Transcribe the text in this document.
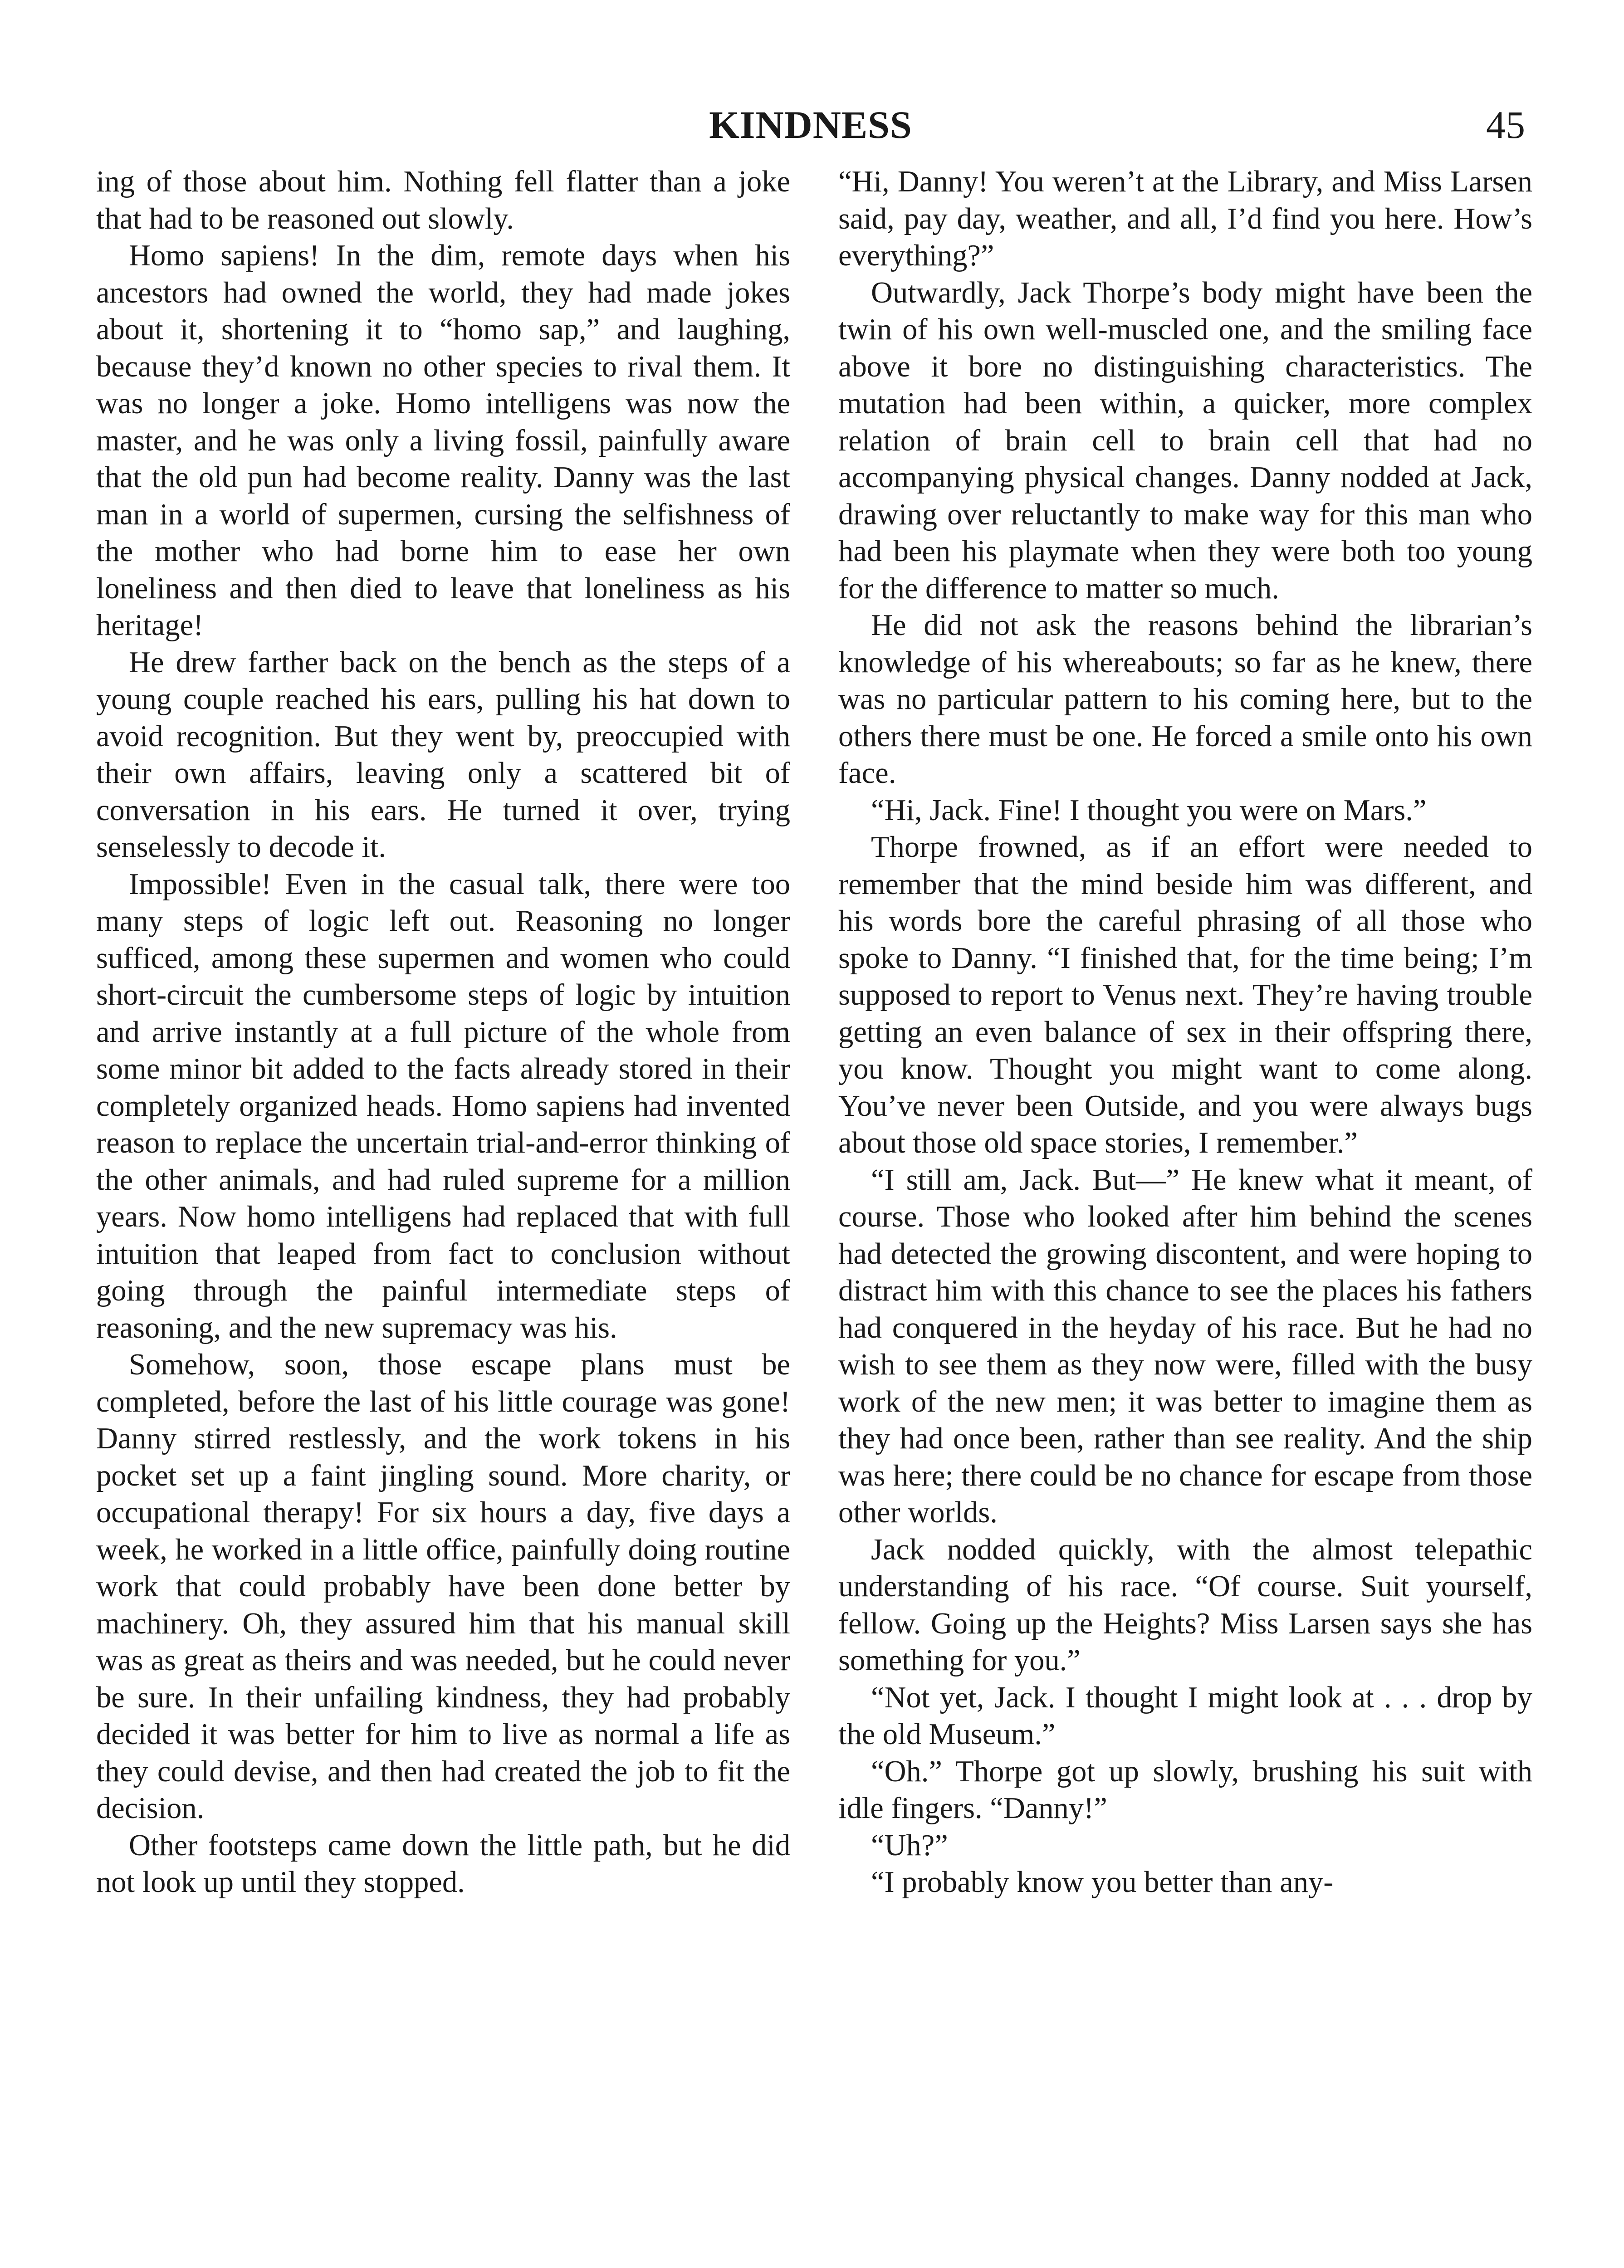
KINDNESS	45

ing of those about him. Nothing fell flatter than a joke that had to be reasoned out slowly.

Homo sapiens! In the dim, remote days when his ancestors had owned the world, they had made jokes about it, shortening it to “homo sap,” and laughing, because they’d known no other species to rival them. It was no longer a joke. Homo intelligens was now the master, and he was only a living fossil, painfully aware that the old pun had become reality. Danny was the last man in a world of supermen, cursing the selfishness of the mother who had borne him to ease her own loneliness and then died to leave that loneliness as his heritage!

He drew farther back on the bench as the steps of a young couple reached his ears, pulling his hat down to avoid recognition. But they went by, preoccupied with their own affairs, leaving only a scattered bit of conversation in his ears. He turned it over, trying senselessly to decode it.

Impossible! Even in the casual talk, there were too many steps of logic left out. Reasoning no longer sufficed, among these supermen and women who could short-circuit the cumbersome steps of logic by intuition and arrive instantly at a full picture of the whole from some minor bit added to the facts already stored in their completely organized heads. Homo sapiens had invented reason to replace the uncertain trial-and-error thinking of the other animals, and had ruled supreme for a million years. Now homo intelligens had replaced that with full intuition that leaped from fact to conclusion without going through the painful intermediate steps of reasoning, and the new supremacy was his.

Somehow, soon, those escape plans must be completed, before the last of his little courage was gone! Danny stirred restlessly, and the work tokens in his pocket set up a faint jingling sound. More charity, or occupational therapy! For six hours a day, five days a week, he worked in a little office, painfully doing routine work that could probably have been done better by machinery. Oh, they assured him that his manual skill was as great as theirs and was needed, but he could never be sure. In their unfailing kindness, they had probably decided it was better for him to live as normal a life as they could devise, and then had created the job to fit the decision.

Other footsteps came down the little path, but he did not look up until they stopped.

“Hi, Danny! You weren’t at the Library, and Miss Larsen said, pay day, weather, and all, I’d find you here. How’s everything?”

Outwardly, Jack Thorpe’s body might have been the twin of his own well-muscled one, and the smiling face above it bore no distinguishing characteristics. The mutation had been within, a quicker, more complex relation of brain cell to brain cell that had no accompanying physical changes. Danny nodded at Jack, drawing over reluctantly to make way for this man who had been his playmate when they were both too young for the difference to matter so much.

He did not ask the reasons behind the librarian’s knowledge of his whereabouts; so far as he knew, there was no particular pattern to his coming here, but to the others there must be one. He forced a smile onto his own face.

“Hi, Jack. Fine! I thought you were on Mars.”

Thorpe frowned, as if an effort were needed to remember that the mind beside him was different, and his words bore the careful phrasing of all those who spoke to Danny. “I finished that, for the time being; I’m supposed to report to Venus next. They’re having trouble getting an even balance of sex in their offspring there, you know. Thought you might want to come along. You’ve never been Outside, and you were always bugs about those old space stories, I remember.”

“I still am, Jack. But—” He knew what it meant, of course. Those who looked after him behind the scenes had detected the growing discontent, and were hoping to distract him with this chance to see the places his fathers had conquered in the heyday of his race. But he had no wish to see them as they now were, filled with the busy work of the new men; it was better to imagine them as they had once been, rather than see reality. And the ship was here; there could be no chance for escape from those other worlds.

Jack nodded quickly, with the almost telepathic understanding of his race. “Of course. Suit yourself, fellow. Going up the Heights? Miss Larsen says she has something for you.”

“Not yet, Jack. I thought I might look at . . . drop by the old Museum.”

“Oh.” Thorpe got up slowly, brushing his suit with idle fingers. “Danny!”

“Uh?”

“I probably know you better than any-
